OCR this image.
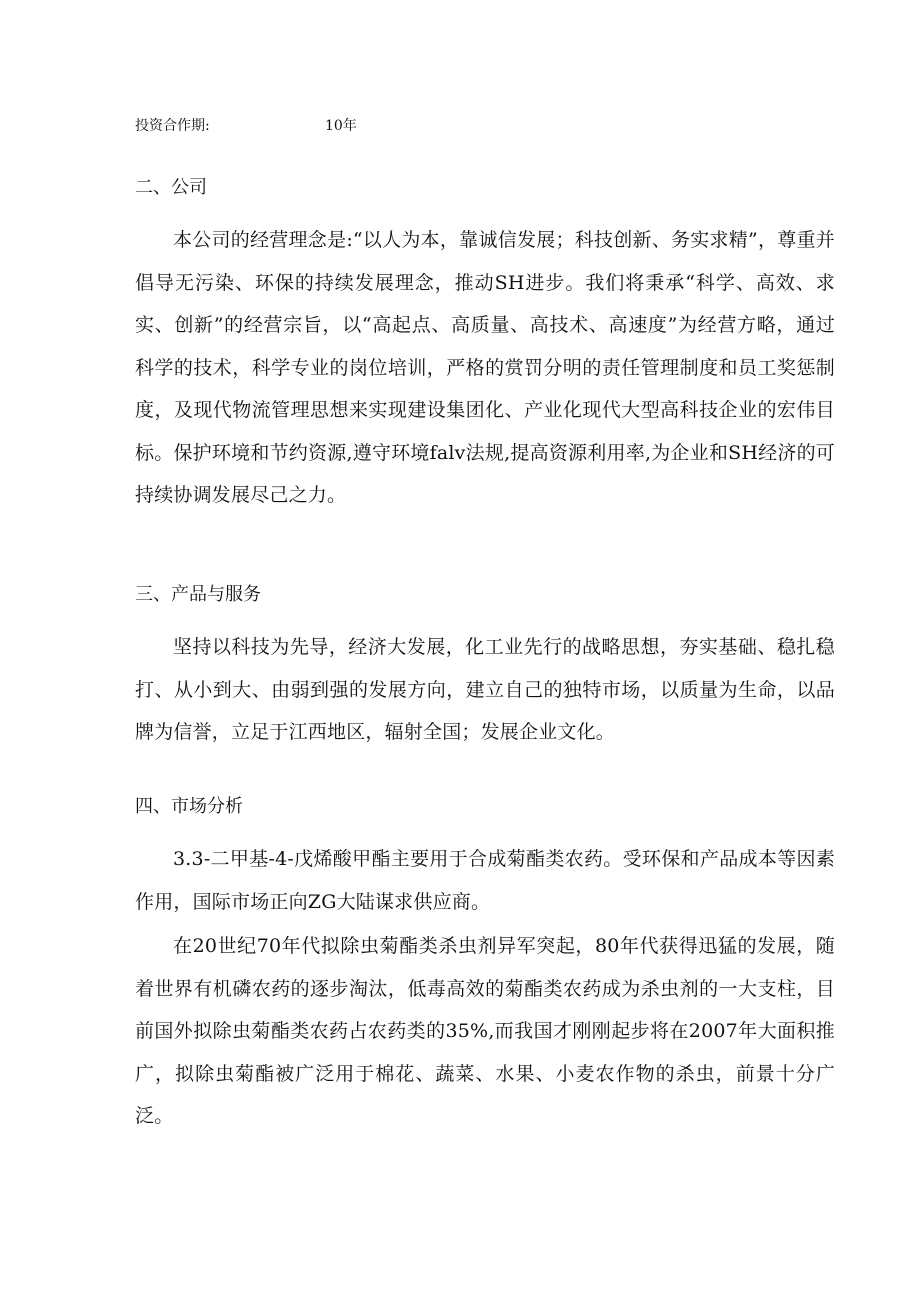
投资合作期:	10年
二、公司
本公司的经营理念是:“以人为本，靠诚信发展；科技创新、务实求精”，尊重并倡导无污染、环保的持续发展理念，推动SH进步。我们将秉承“科学、高效、求实、创新”的经营宗旨，以“高起点、高质量、高技术、高速度”为经营方略，通过科学的技术，科学专业的岗位培训，严格的赏罚分明的责任管理制度和员工奖惩制度，及现代物流管理思想来实现建设集团化、产业化现代大型高科技企业的宏伟目标。保护环境和节约资源,遵守环境falv法规,提高资源利用率,为企业和SH经济的可持续协调发展尽己之力。
三、产品与服务
坚持以科技为先导，经济大发展，化工业先行的战略思想，夯实基础、稳扎稳打、从小到大、由弱到强的发展方向，建立自己的独特市场，以质量为生命，以品牌为信誉，立足于江西地区，辐射全国；发展企业文化。
四、市场分析
3.3-二甲基-4-戊烯酸甲酯主要用于合成菊酯类农药。受环保和产品成本等因素作用，国际市场正向ZG大陆谋求供应商。
在20世纪70年代拟除虫菊酯类杀虫剂异军突起，80年代获得迅猛的发展，随着世界有机磷农药的逐步淘汰，低毒高效的菊酯类农药成为杀虫剂的一大支柱，目前国外拟除虫菊酯类农药占农药类的35%,而我国才刚刚起步将在2007年大面积推广，拟除虫菊酯被广泛用于棉花、蔬菜、水果、小麦农作物的杀虫，前景十分广泛。
